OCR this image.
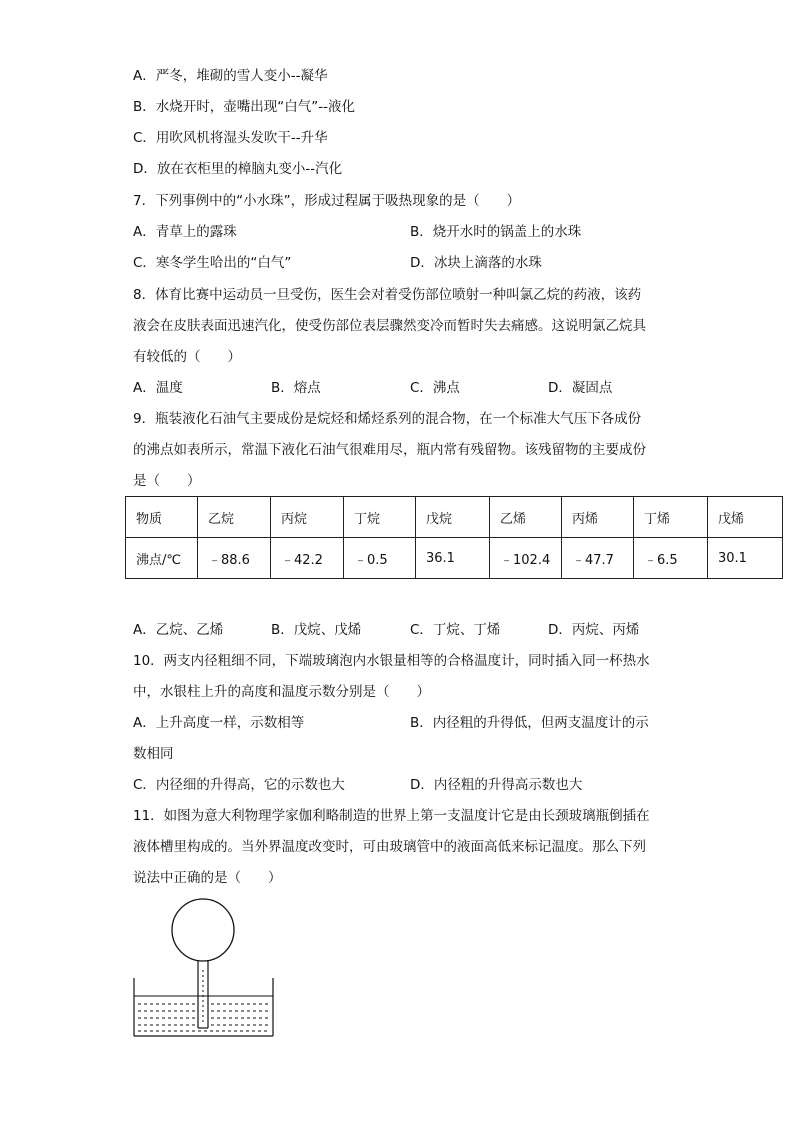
A．严冬，堆砌的雪人变小--凝华
B．水烧开时，壶嘴出现“白气”--液化
C．用吹风机将湿头发吹干--升华
D．放在衣柜里的樟脑丸变小--汽化
7．下列事例中的“小水珠”，形成过程属于吸热现象的是（　　）
A．青草上的露珠	B．烧开水时的锅盖上的水珠
C．寒冬学生哈出的“白气”	D．冰块上滴落的水珠
8．体育比赛中运动员一旦受伤，医生会对着受伤部位喷射一种叫氯乙烷的药液，该药
液会在皮肤表面迅速汽化，使受伤部位表层骤然变冷而暂时失去痛感。这说明氯乙烷具
有较低的（　　）
A．温度	B．熔点	C．沸点	D．凝固点
9．瓶装液化石油气主要成份是烷烃和烯烃系列的混合物，在一个标准大气压下各成份
的沸点如表所示，常温下液化石油气很难用尽，瓶内常有残留物。该残留物的主要成份
是（　　）
物质	乙烷	丙烷	丁烷	戊烷	乙烯	丙烯	丁烯	戊烯
沸点/℃	﹣88.6	﹣42.2	﹣0.5	36.1	﹣102.4	﹣47.7	﹣6.5	30.1
A．乙烷、乙烯	B．戊烷、戊烯	C．丁烷、丁烯	D．丙烷、丙烯
10．两支内径粗细不同，下端玻璃泡内水银量相等的合格温度计，同时插入同一杯热水
中，水银柱上升的高度和温度示数分别是（　　）
A．上升高度一样，示数相等	B．内径粗的升得低，但两支温度计的示
数相同
C．内径细的升得高，它的示数也大	D．内径粗的升得高示数也大
11．如图为意大利物理学家伽利略制造的世界上第一支温度计它是由长颈玻璃瓶倒插在
液体槽里构成的。当外界温度改变时，可由玻璃管中的液面高低来标记温度。那么下列
说法中正确的是（　　）
